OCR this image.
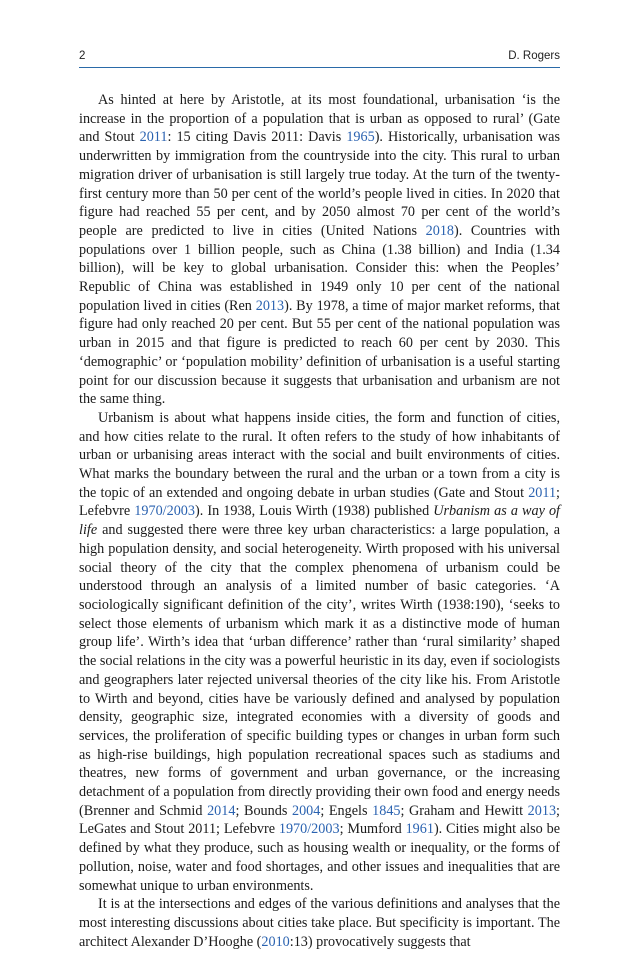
2	D. Rogers

As hinted at here by Aristotle, at its most foundational, urbanisation ‘is the increase in the proportion of a population that is urban as opposed to rural’ (Gate and Stout 2011: 15 citing Davis 2011: Davis 1965). Historically, urbanisation was underwritten by immigration from the countryside into the city. This rural to urban migration driver of urbanisation is still largely true today. At the turn of the twenty-first century more than 50 per cent of the world’s people lived in cities. In 2020 that figure had reached 55 per cent, and by 2050 almost 70 per cent of the world’s people are predicted to live in cities (United Nations 2018). Countries with populations over 1 billion people, such as China (1.38 billion) and India (1.34 billion), will be key to global urbanisation. Consider this: when the Peoples’ Republic of China was established in 1949 only 10 per cent of the national population lived in cities (Ren 2013). By 1978, a time of major market reforms, that figure had only reached 20 per cent. But 55 per cent of the national population was urban in 2015 and that figure is predicted to reach 60 per cent by 2030. This ‘demographic’ or ‘population mobility’ definition of urbanisation is a useful starting point for our discussion because it suggests that urbanisation and urbanism are not the same thing.

Urbanism is about what happens inside cities, the form and function of cities, and how cities relate to the rural. It often refers to the study of how inhabitants of urban or urbanising areas interact with the social and built environments of cities. What marks the boundary between the rural and the urban or a town from a city is the topic of an extended and ongoing debate in urban studies (Gate and Stout 2011; Lefebvre 1970/2003). In 1938, Louis Wirth (1938) published Urbanism as a way of life and suggested there were three key urban characteristics: a large population, a high population density, and social heterogeneity. Wirth proposed with his universal social theory of the city that the complex phenomena of urbanism could be understood through an analysis of a limited number of basic categories. ‘A sociologically significant definition of the city’, writes Wirth (1938:190), ‘seeks to select those elements of urbanism which mark it as a distinctive mode of human group life’. Wirth’s idea that ‘urban difference’ rather than ‘rural similarity’ shaped the social relations in the city was a powerful heuristic in its day, even if sociologists and geographers later rejected universal theories of the city like his. From Aristotle to Wirth and beyond, cities have be variously defined and analysed by population density, geographic size, integrated economies with a diversity of goods and services, the proliferation of specific building types or changes in urban form such as high-rise buildings, high population recreational spaces such as stadiums and theatres, new forms of government and urban governance, or the increasing detachment of a population from directly providing their own food and energy needs (Brenner and Schmid 2014; Bounds 2004; Engels 1845; Graham and Hewitt 2013; LeGates and Stout 2011; Lefebvre 1970/2003; Mumford 1961). Cities might also be defined by what they produce, such as housing wealth or inequality, or the forms of pollution, noise, water and food shortages, and other issues and inequalities that are somewhat unique to urban environments.

It is at the intersections and edges of the various definitions and analyses that the most interesting discussions about cities take place. But specificity is important. The architect Alexander D’Hooghe (2010:13) provocatively suggests that
